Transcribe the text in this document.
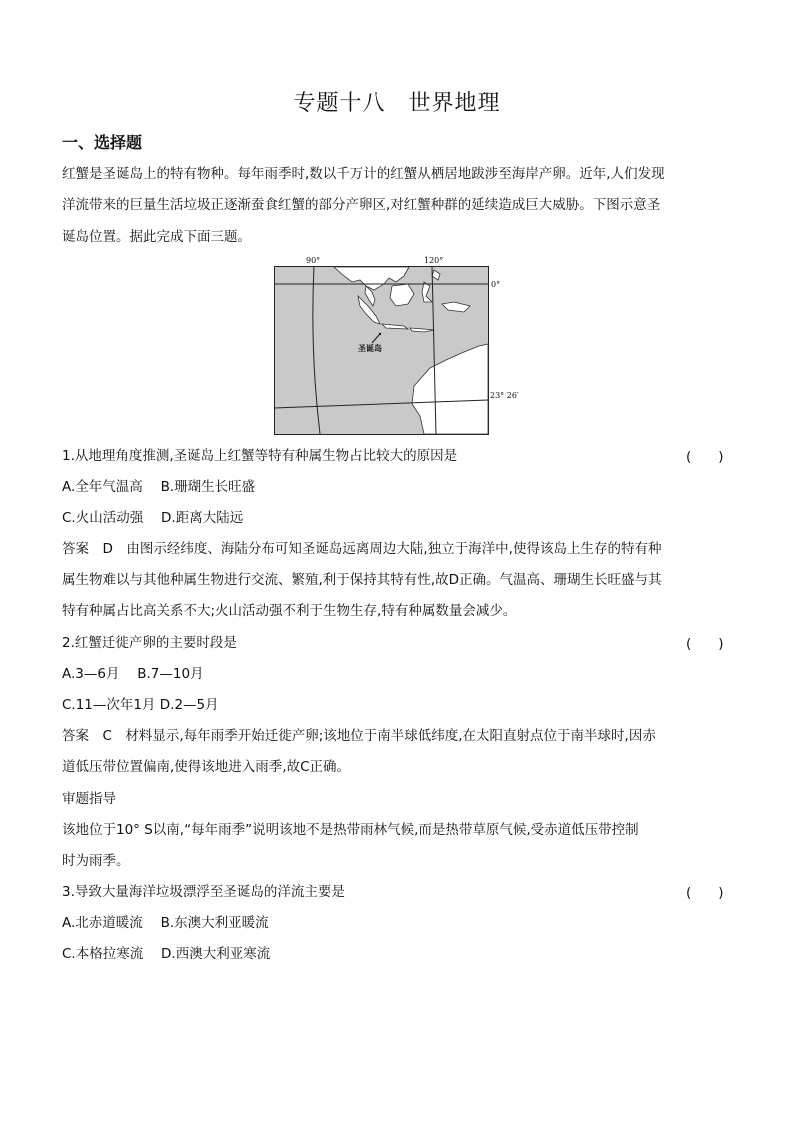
专题十八　世界地理
一、选择题
红蟹是圣诞岛上的特有物种。每年雨季时,数以千万计的红蟹从栖居地跋涉至海岸产卵。近年,人们发现
洋流带来的巨量生活垃圾正逐渐蚕食红蟹的部分产卵区,对红蟹种群的延续造成巨大威胁。下图示意圣
诞岛位置。据此完成下面三题。
90°	120°
0°
23° 26′
圣诞岛
1.从地理角度推测,圣诞岛上红蟹等特有种属生物占比较大的原因是	(　　)
A.全年气温高　 B.珊瑚生长旺盛
C.火山活动强　 D.距离大陆远
答案　D　由图示经纬度、海陆分布可知圣诞岛远离周边大陆,独立于海洋中,使得该岛上生存的特有种
属生物难以与其他种属生物进行交流、繁殖,利于保持其特有性,故D正确。气温高、珊瑚生长旺盛与其
特有种属占比高关系不大;火山活动强不利于生物生存,特有种属数量会减少。
2.红蟹迁徙产卵的主要时段是	(　　)
A.3—6月　 B.7—10月
C.11—次年1月 D.2—5月
答案　C　材料显示,每年雨季开始迁徙产卵;该地位于南半球低纬度,在太阳直射点位于南半球时,因赤
道低压带位置偏南,使得该地进入雨季,故C正确。
审题指导
该地位于10° S以南,“每年雨季”说明该地不是热带雨林气候,而是热带草原气候,受赤道低压带控制
时为雨季。
3.导致大量海洋垃圾漂浮至圣诞岛的洋流主要是	(　　)
A.北赤道暖流　 B.东澳大利亚暖流
C.本格拉寒流　 D.西澳大利亚寒流
